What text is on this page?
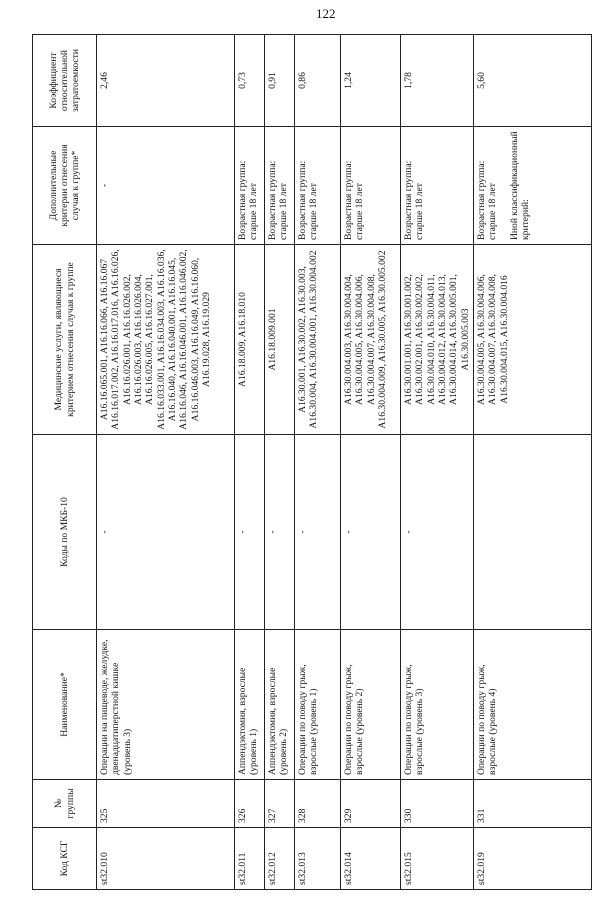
122
Код КСГ	№ группы	Наименование*	Коды по МКБ-10	Медицинские услуги, являющиеся критерием отнесения случая к группе	Дополнительные критерии отнесения случая к группе*	Коэффициент относительной затратоемкости
st32.010	325	Операции на пищеводе, желудке, двенадцатиперстной кишке (уровень 3)	-	A16.16.065.001, A16.16.066, A16.16.067 A16.16.017.002, A16.16.017.016, A16.16.026, A16.16.026.001, A16.16.026.002, A16.16.026.003, A16.16.026.004, A16.16.026.005, A16.16.027.001, A16.16.033.001, A16.16.034.003, A16.16.036, A16.16.040, A16.16.040.001, A16.16.045, A16.16.046, A16.16.046.001, A16.16.046.002, A16.16.046.003, A16.16.049, A16.16.060, A16.19.028, A16.19.029	-	2,46
st32.011	326	Аппендэктомия, взрослые (уровень 1)	-	A16.18.009, A16.18.010	Возрастная группа: старше 18 лет	0,73
st32.012	327	Аппендэктомия, взрослые (уровень 2)	-	A16.18.009.001	Возрастная группа: старше 18 лет	0,91
st32.013	328	Операции по поводу грыж, взрослые (уровень 1)	-	A16.30.001, A16.30.002, A16.30.003, A16.30.004, A16.30.004.001, A16.30.004.002	Возрастная группа: старше 18 лет	0,86
st32.014	329	Операции по поводу грыж, взрослые (уровень 2)	-	A16.30.004.003, A16.30.004.004, A16.30.004.005, A16.30.004.006, A16.30.004.007, A16.30.004.008, A16.30.004.009, A16.30.005, A16.30.005.002	Возрастная группа: старше 18 лет	1,24
st32.015	330	Операции по поводу грыж, взрослые (уровень 3)	-	A16.30.001.001, A16.30.001.002, A16.30.002.001, A16.30.002.002, A16.30.004.010, A16.30.004.011, A16.30.004.012, A16.30.004.013, A16.30.004.014, A16.30.005.001, A16.30.005.003	Возрастная группа: старше 18 лет	1,78
st32.019	331	Операции по поводу грыж, взрослые (уровень 4)		A16.30.004.005, A16.30.004.006, A16.30.004.007, A16.30.004.008, A16.30.004.015, A16.30.004.016	Возрастная группа: старше 18 лет Иной классификационный критерий:	5,60
